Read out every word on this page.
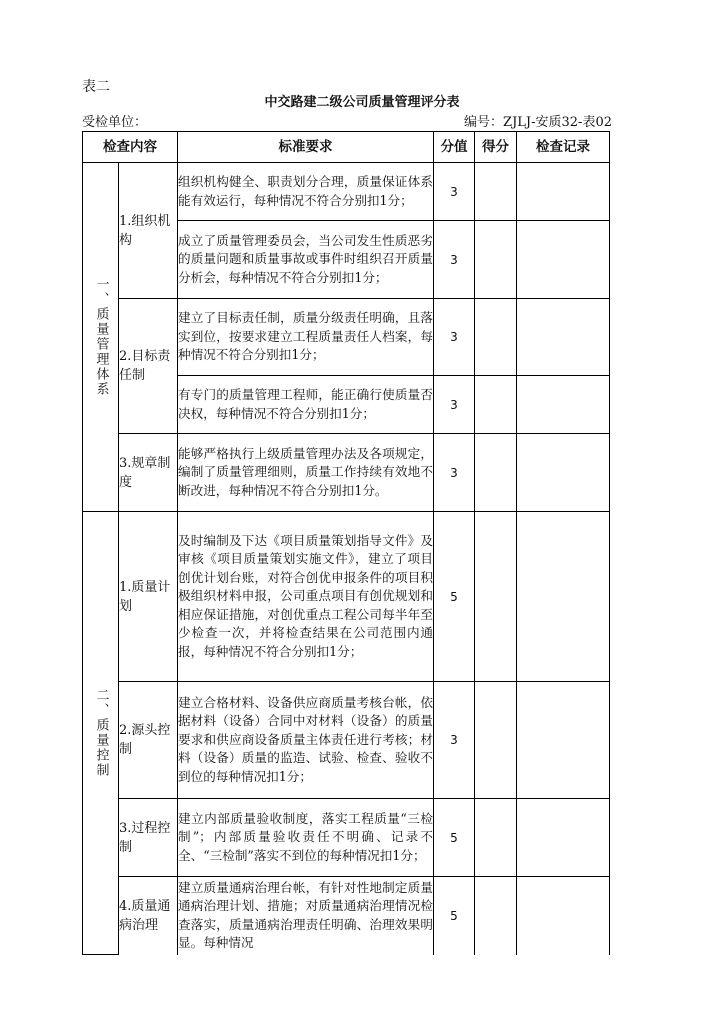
表二
中交路建二级公司质量管理评分表
受检单位：	编号：ZJLJ-安质32-表02
检查内容		标准要求	分值	得分	检查记录
一、质量管理体系	1.组织机构	组织机构健全、职责划分合理，质量保证体系能有效运行，每种情况不符合分别扣1分；	3		
		成立了质量管理委员会，当公司发生性质恶劣的质量问题和质量事故或事件时组织召开质量分析会，每种情况不符合分别扣1分；	3		
	2.目标责任制	建立了目标责任制，质量分级责任明确，且落实到位，按要求建立工程质量责任人档案，每种情况不符合分别扣1分；	3		
		有专门的质量管理工程师，能正确行使质量否决权，每种情况不符合分别扣1分；	3		
	3.规章制度	能够严格执行上级质量管理办法及各项规定，编制了质量管理细则，质量工作持续有效地不断改进，每种情况不符合分别扣1分。	3		
二、质量控制	1.质量计划	及时编制及下达《项目质量策划指导文件》及审核《项目质量策划实施文件》，建立了项目创优计划台账，对符合创优申报条件的项目积极组织材料申报，公司重点项目有创优规划和相应保证措施，对创优重点工程公司每半年至少检查一次，并将检查结果在公司范围内通报，每种情况不符合分别扣1分；	5		
	2.源头控制	建立合格材料、设备供应商质量考核台帐，依据材料（设备）合同中对材料（设备）的质量要求和供应商设备质量主体责任进行考核；材料（设备）质量的监造、试验、检查、验收不到位的每种情况扣1分；	3		
	3.过程控制	建立内部质量验收制度，落实工程质量“三检制”；内部质量验收责任不明确、记录不全、“三检制”落实不到位的每种情况扣1分；	5		
	4.质量通病治理	建立质量通病治理台帐，有针对性地制定质量通病治理计划、措施；对质量通病治理情况检查落实，质量通病治理责任明确、治理效果明显。每种情况	5		
